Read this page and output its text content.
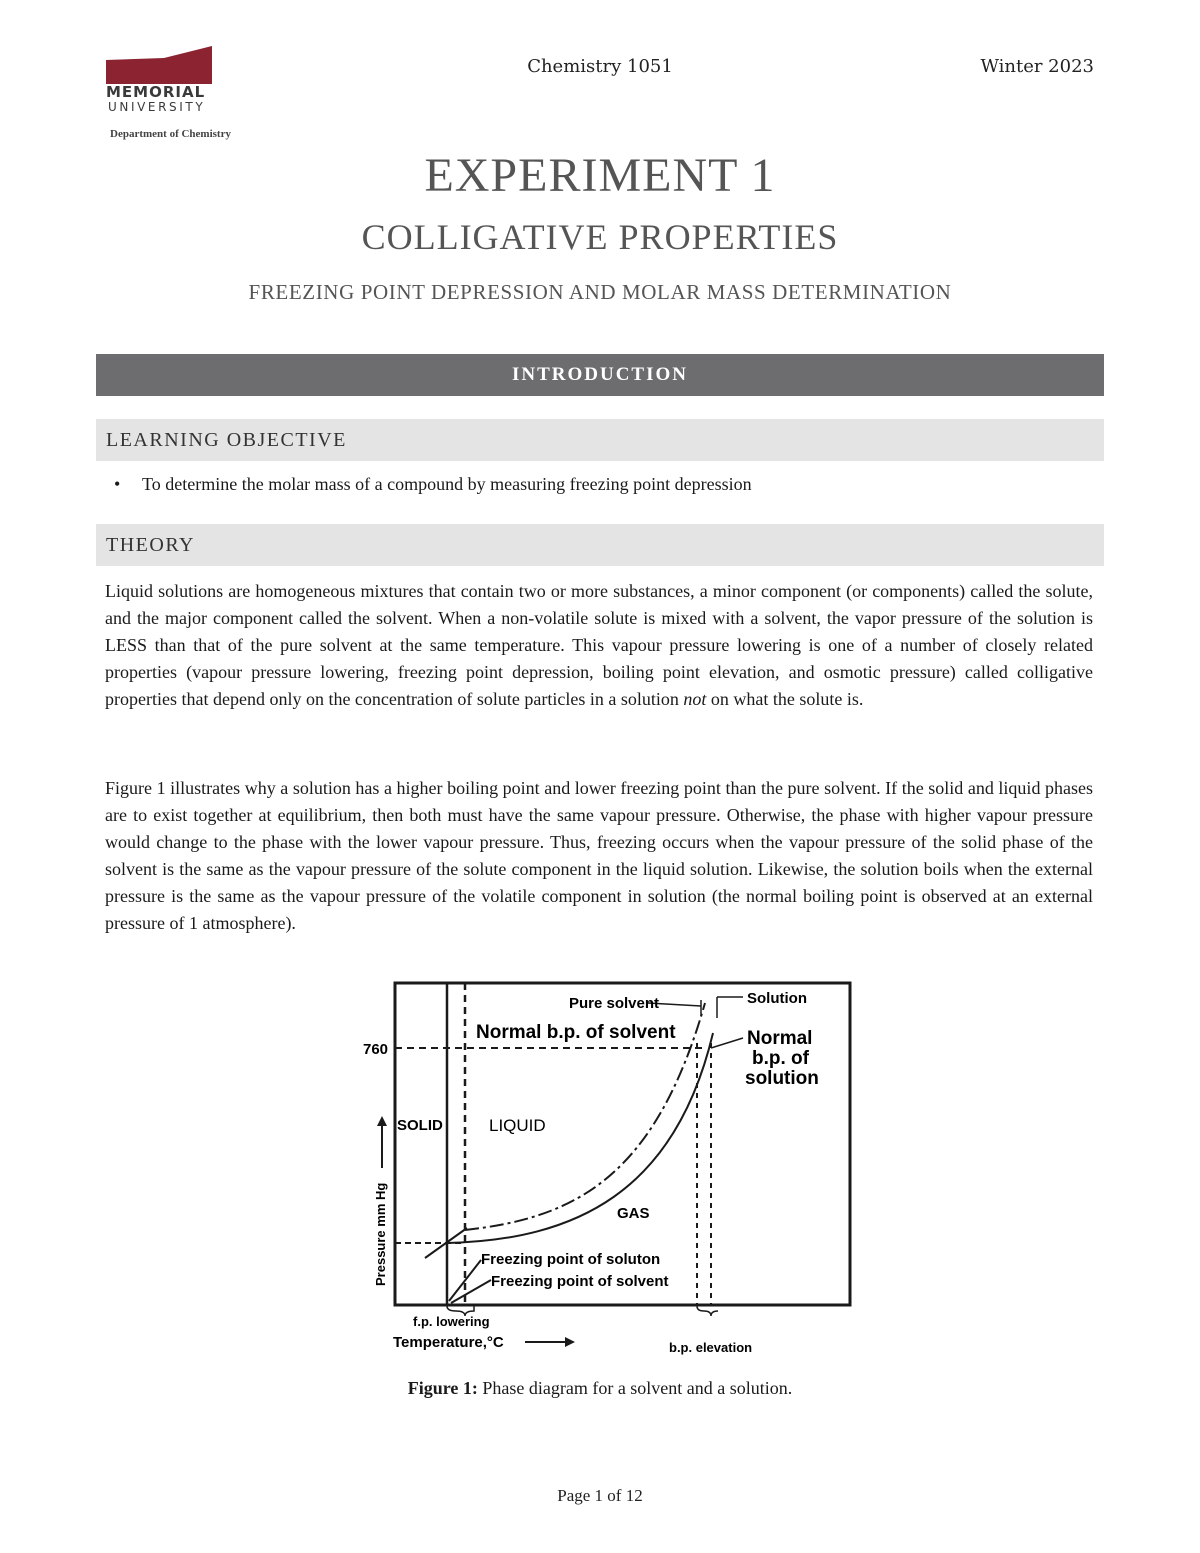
MEMORIAL
UNIVERSITY
Department of Chemistry
Chemistry 1051	Winter 2023
EXPERIMENT 1
COLLIGATIVE PROPERTIES
FREEZING POINT DEPRESSION AND MOLAR MASS DETERMINATION
INTRODUCTION
LEARNING OBJECTIVE
• To determine the molar mass of a compound by measuring freezing point depression
THEORY
Liquid solutions are homogeneous mixtures that contain two or more substances, a minor component (or components) called the solute, and the major component called the solvent. When a non-volatile solute is mixed with a solvent, the vapor pressure of the solution is LESS than that of the pure solvent at the same temperature. This vapour pressure lowering is one of a number of closely related properties (vapour pressure lowering, freezing point depression, boiling point elevation, and osmotic pressure) called colligative properties that depend only on the concentration of solute particles in a solution not on what the solute is.
Figure 1 illustrates why a solution has a higher boiling point and lower freezing point than the pure solvent. If the solid and liquid phases are to exist together at equilibrium, then both must have the same vapour pressure. Otherwise, the phase with higher vapour pressure would change to the phase with the lower vapour pressure. Thus, freezing occurs when the vapour pressure of the solid phase of the solvent is the same as the vapour pressure of the solute component in the liquid solution. Likewise, the solution boils when the external pressure is the same as the vapour pressure of the volatile component in solution (the normal boiling point is observed at an external pressure of 1 atmosphere).
760
Pure solvent	Solution
Normal b.p. of solvent	Normal
b.p. of
solution
SOLID	LIQUID
GAS
Freezing point of soluton
Freezing point of solvent
f.p. lowering
Temperature,°C	b.p. elevation
Pressure mm Hg
Figure 1: Phase diagram for a solvent and a solution.
Page 1 of 12
